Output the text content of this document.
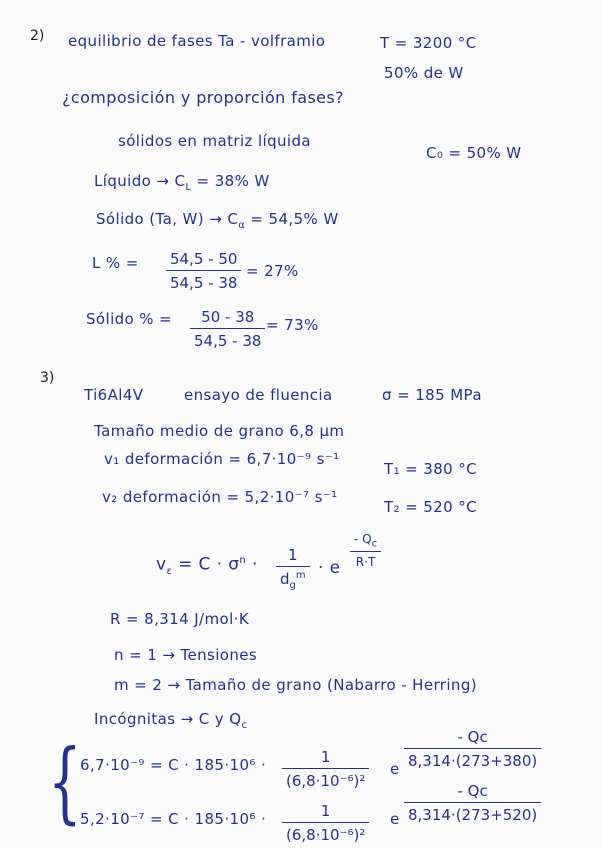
2) equilibrio de fases Ta - volframio	T = 3200 °C
50% de W
¿composición y proporción fases?
sólidos en matriz líquida
C₀ = 50% W
Líquido → $C_L = 38\%$ W
Sólido (Ta, $W) \to C_\alpha = 54,5\%$ W
L % = $\frac{54,5 - 50}{54,5 - 38} = 27\%$
Sólido % = $\frac{50 - 38}{54,5 - 38} = 73\%$
3)
Ti6Al4V	ensayo de fluencia	σ = 185 MPa
Tamaño medio de grano 6,8 µm
v₁ deformación = 6,7·10⁻⁹ s⁻¹
T₁ = 380 °C
v₂ deformación = 5,2·10⁻⁷ s⁻¹
T₂ = 520 °C
$v_\varepsilon = C \cdot \sigma^n$ ·	1
$d_g^m \cdot e \frac{- Q_c}{R\cdot T}$
R = 8,314 J/mol·K
n = 1 → Tensiones
m = 2 → Tamaño de grano (Nabarro - Herring)
Incógnitas → C y $Q_c$
{
$6,7\cdot 10^{-9} = C \cdot 185\cdot 10^6 \cdot \frac{1}{\text{(6,8·10⁻⁶)²}}$ e $\frac{- Qc}{8,314\cdot(273+380)}$
$5,2\cdot 10^{-7} = C \cdot 185\cdot 10^6 \cdot \frac{1}{\text{(6,8·10⁻⁶)²}}$ e $\frac{- Qc}{8,314\cdot(273+520)}$
